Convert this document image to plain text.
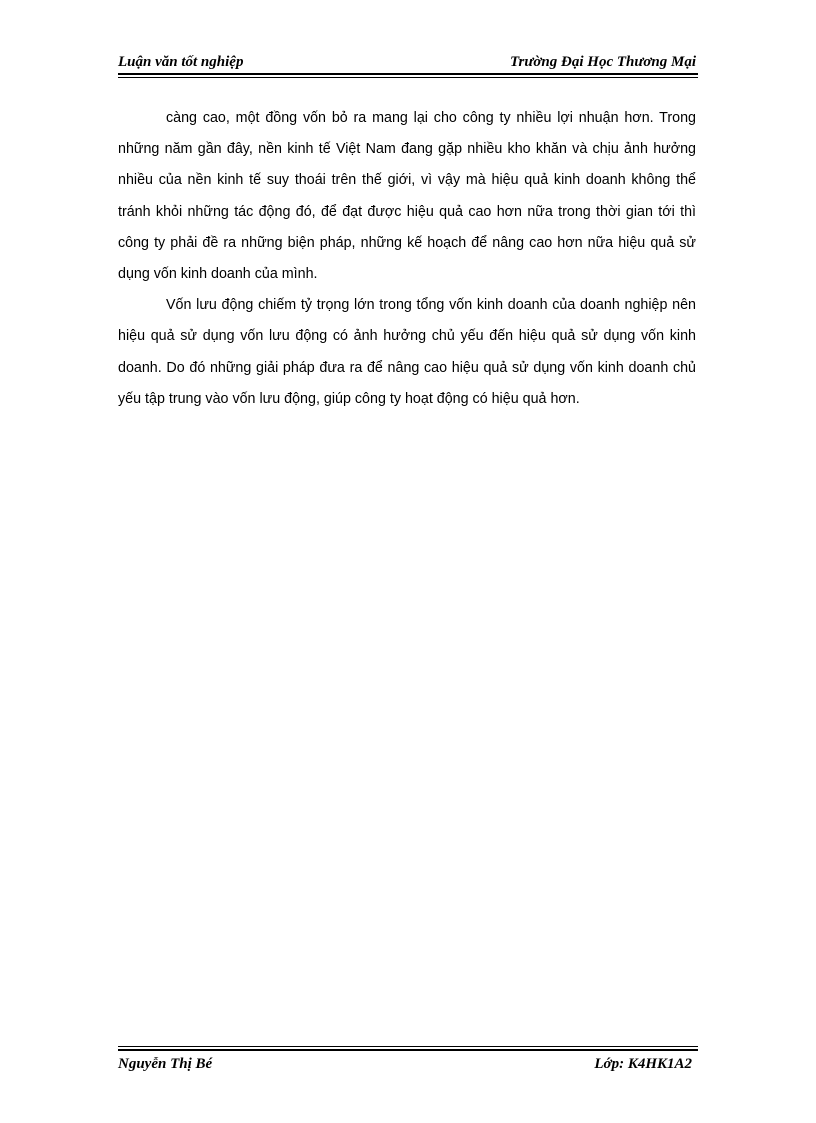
Luận văn tốt nghiệp	Trường Đại Học Thương Mại

càng cao, một đồng vốn bỏ ra mang lại cho công ty nhiều lợi nhuận hơn. Trong những năm gần đây, nền kinh tế Việt Nam đang gặp nhiều kho khăn và chịu ảnh hưởng nhiều của nền kinh tế suy thoái trên thế giới, vì vậy mà hiệu quả kinh doanh không thể tránh khỏi những tác động đó, để đạt được hiệu quả cao hơn nữa trong thời gian tới thì công ty phải đề ra những biện pháp, những kế hoạch để nâng cao hơn nữa hiệu quả sử dụng vốn kinh doanh của mình.

Vốn lưu động chiếm tỷ trọng lớn trong tổng vốn kinh doanh của doanh nghiệp nên hiệu quả sử dụng vốn lưu động có ảnh hưởng chủ yếu đến hiệu quả sử dụng vốn kinh doanh. Do đó những giải pháp đưa ra để nâng cao hiệu quả sử dụng vốn kinh doanh chủ yếu tập trung vào vốn lưu động, giúp công ty hoạt động có hiệu quả hơn.

Nguyễn Thị Bé	Lớp: K4HK1A2
